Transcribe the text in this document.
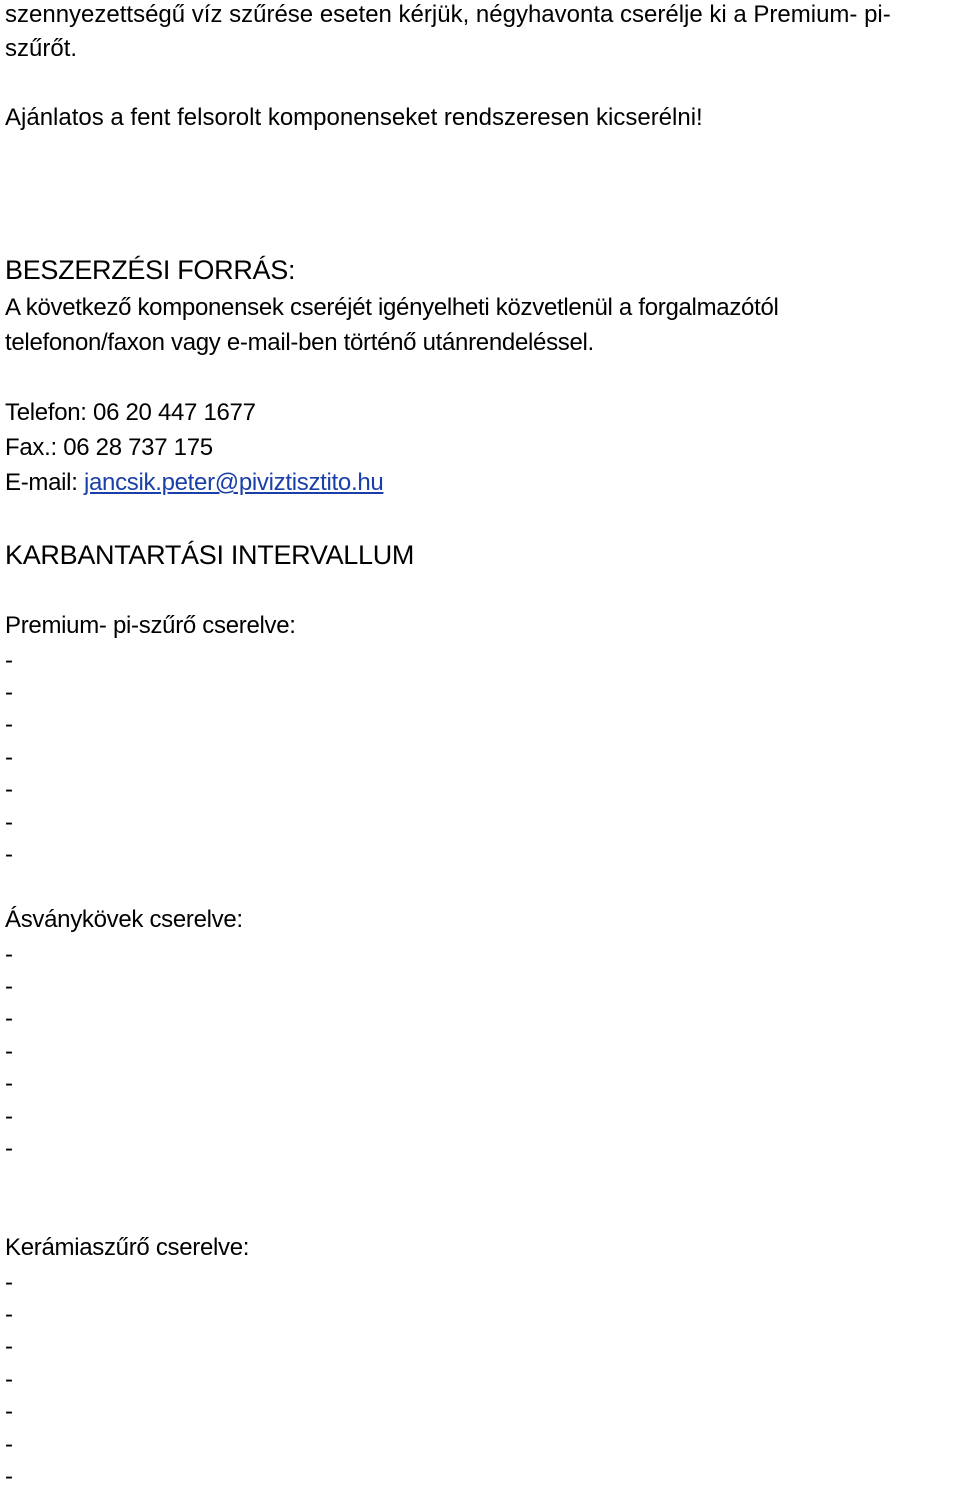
szennyezettségű víz szűrése eseten kérjük, négyhavonta cserélje ki a Premium- pi-
szűrőt.
Ajánlatos a fent felsorolt komponenseket rendszeresen kicserélni!
BESZERZÉSI FORRÁS:
A következő komponensek cseréjét igényelheti közvetlenül a forgalmazótól
telefonon/faxon vagy e-mail-ben történő utánrendeléssel.
Telefon: 06 20 447 1677
Fax.: 06 28 737 175
E-mail: jancsik.peter@piviztisztito.hu
KARBANTARTÁSI INTERVALLUM
Premium- pi-szűrő cserelve:
-
-
-
-
-
-
-
Ásványkövek cserelve:
-
-
-
-
-
-
-
Kerámiaszűrő cserelve:
-
-
-
-
-
-
-
